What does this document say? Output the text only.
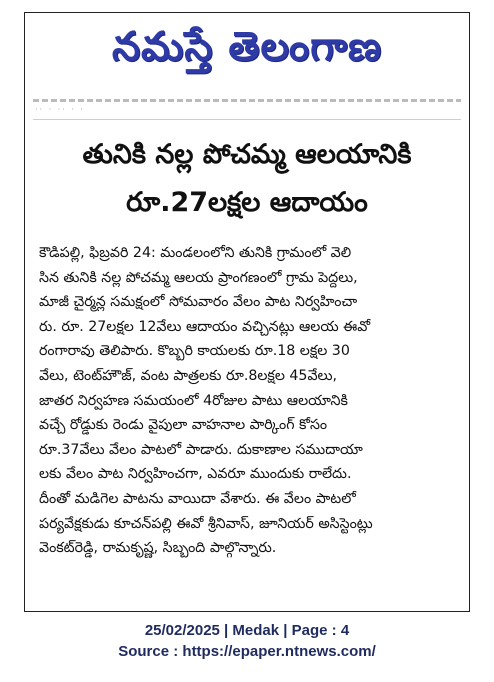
నమస్తే తెలంగాణ
·· · ·· · ·
తునికి నల్ల పోచమ్మ ఆలయానికి
రూ.27లక్షల ఆదాయం
కౌడిపల్లి, ఫిబ్రవరి 24: మండలంలోని తునికి గ్రామంలో వెలి
సిన తునికి నల్ల పోచమ్మ ఆలయ ప్రాంగణంలో గ్రామ పెద్దలు,
మాజీ చైర్మన్ల సమక్షంలో సోమవారం వేలం పాట నిర్వహించా
రు. రూ. 27లక్షల 12వేలు ఆదాయం వచ్చినట్లు ఆలయ ఈవో
రంగారావు తెలిపారు. కొబ్బరి కాయలకు రూ.18 లక్షల 30
వేలు, టెంట్‌హౌజ్, వంట పాత్రలకు రూ.8లక్షల 45వేలు,
జాతర నిర్వహణ సమయంలో 4రోజుల పాటు ఆలయానికి
వచ్చే రోడ్డుకు రెండు వైపులా వాహనాల పార్కింగ్ కోసం
రూ.37వేలు వేలం పాటలో పాడారు. దుకాణాల సముదాయా
లకు వేలం పాట నిర్వహించగా, ఎవరూ ముందుకు రాలేదు.
దీంతో మడిగెల పాటను వాయిదా వేశారు. ఈ వేలం పాటలో
పర్యవేక్షకుడు కూచన్‌పల్లి ఈవో శ్రీనివాస్, జూనియర్ అసిస్టెంట్లు
వెంకట్‌రెడ్డి, రామకృష్ణ, సిబ్బంది పాల్గొన్నారు.
25/02/2025 | Medak | Page : 4
Source : https://epaper.ntnews.com/
